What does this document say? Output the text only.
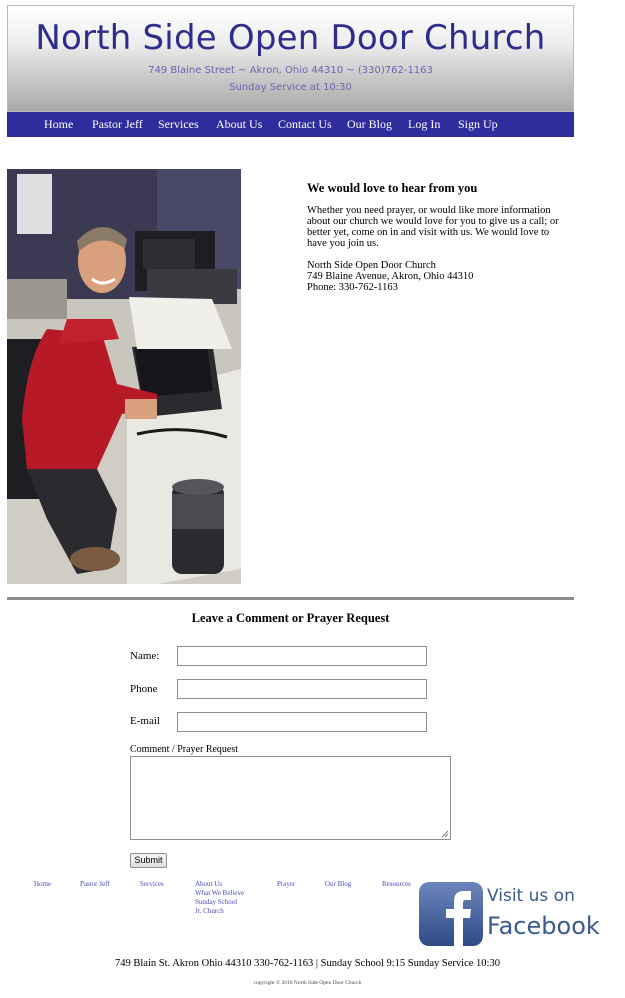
North Side Open Door Church
749 Blaine Street ~ Akron, Ohio 44310 ~ (330)762-1163
Sunday Service at 10:30
Home Pastor Jeff Services About Us Contact Us Our Blog Log In Sign Up
We would love to hear from you

Whether you need prayer, or would like more information about our church we would love for you to give us a call; or better yet, come on in and visit with us. We would love to have you join us.

North Side Open Door Church
749 Blaine Avenue, Akron, Ohio 44310
Phone: 330-762-1163
Leave a Comment or Prayer Request
Name:
Phone
E-mail
Comment / Prayer Request
Submit
Home	Pastor Jeff	Services	About Us
What We Believe
Sunday School
Jr. Church
Prayer	Our Blog	Resources
Visit us on
Facebook
749 Blain St. Akron Ohio 44310 330-762-1163 | Sunday School 9:15 Sunday Service 10:30
copyright © 2016 North Side Open Door Church
